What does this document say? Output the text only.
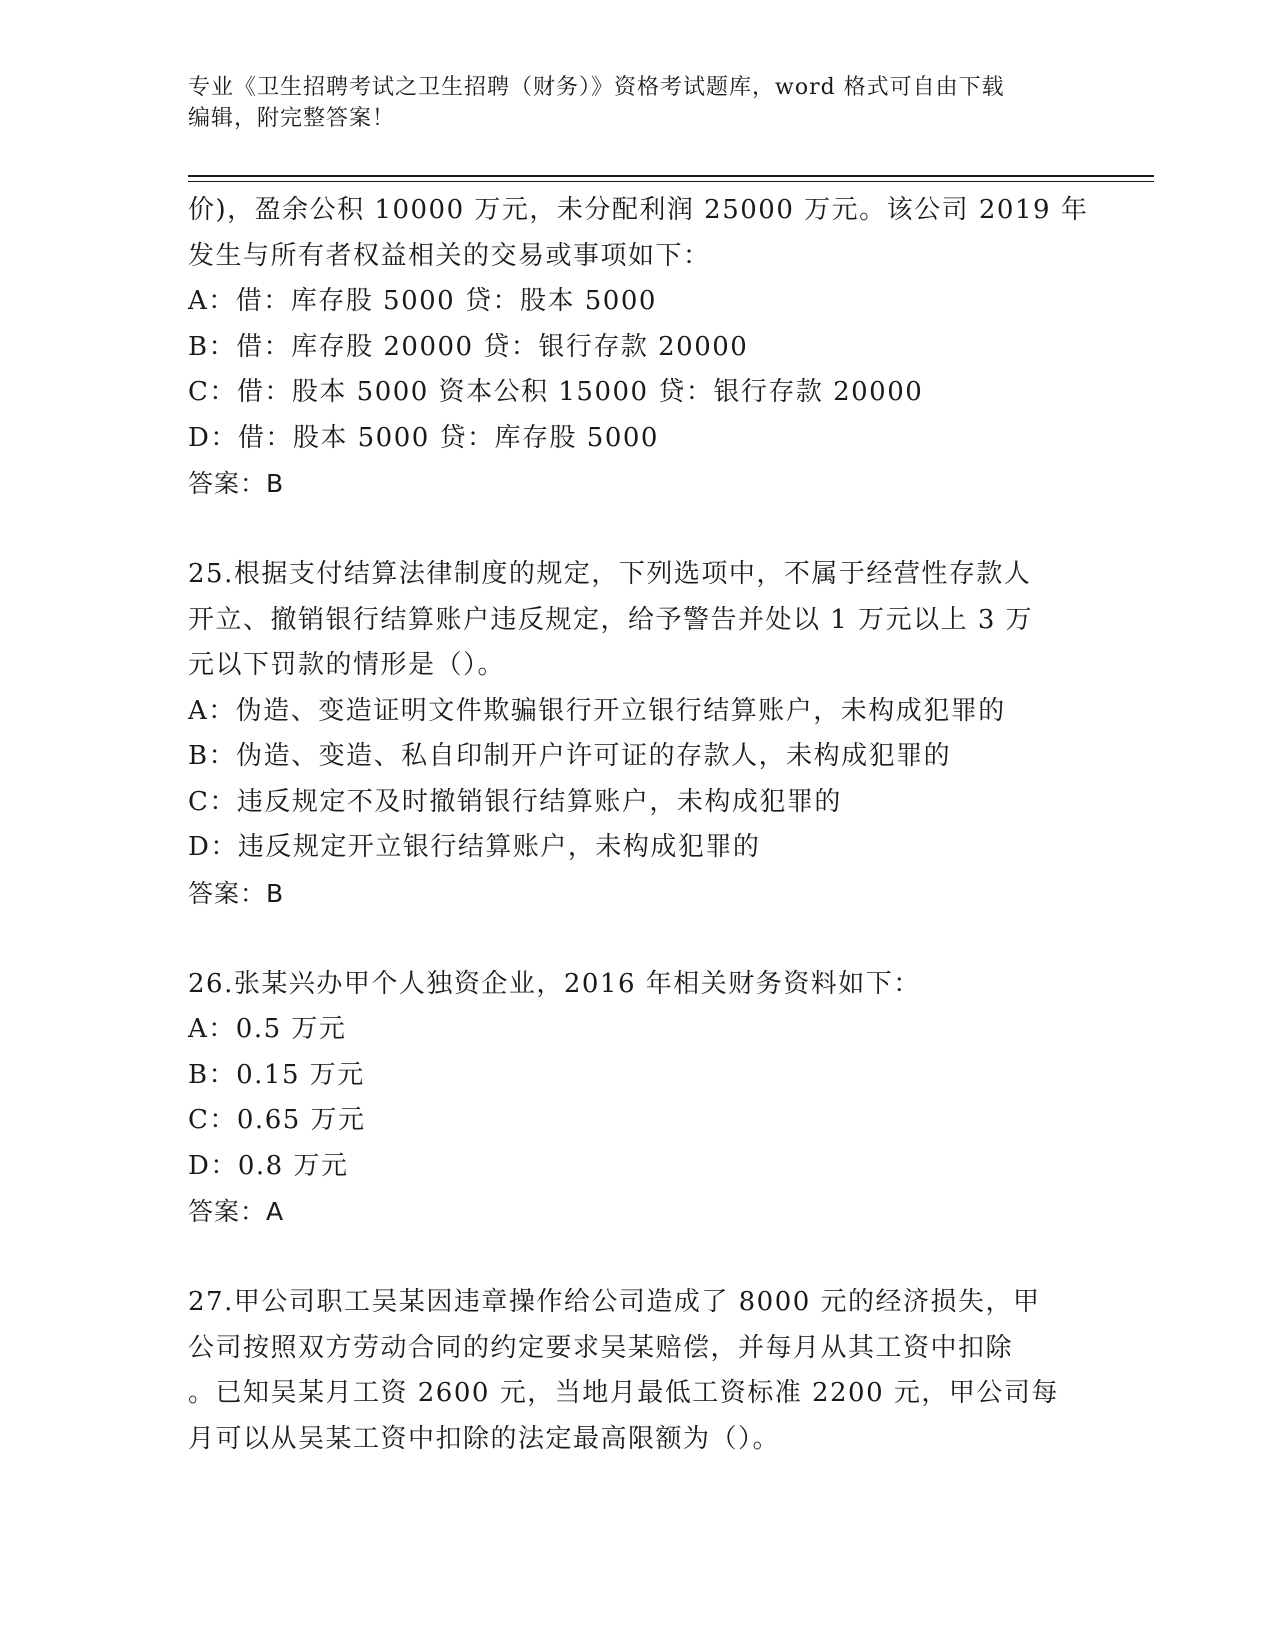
专业《卫生招聘考试之卫生招聘（财务）》资格考试题库，word 格式可自由下载
编辑，附完整答案！
价)，盈余公积 10000 万元，未分配利润 25000 万元。该公司 2019 年
发生与所有者权益相关的交易或事项如下：
A：借：库存股 5000 贷：股本 5000
B：借：库存股 20000 贷：银行存款 20000
C：借：股本 5000 资本公积 15000 贷：银行存款 20000
D：借：股本 5000 贷：库存股 5000
答案：B
25.根据支付结算法律制度的规定，下列选项中，不属于经营性存款人
开立、撤销银行结算账户违反规定，给予警告并处以 1 万元以上 3 万
元以下罚款的情形是（）。
A：伪造、变造证明文件欺骗银行开立银行结算账户，未构成犯罪的
B：伪造、变造、私自印制开户许可证的存款人，未构成犯罪的
C：违反规定不及时撤销银行结算账户，未构成犯罪的
D：违反规定开立银行结算账户，未构成犯罪的
答案：B
26.张某兴办甲个人独资企业，2016 年相关财务资料如下：
A：0.5 万元
B：0.15 万元
C：0.65 万元
D：0.8 万元
答案：A
27.甲公司职工吴某因违章操作给公司造成了 8000 元的经济损失，甲
公司按照双方劳动合同的约定要求吴某赔偿，并每月从其工资中扣除
。已知吴某月工资 2600 元，当地月最低工资标准 2200 元，甲公司每
月可以从吴某工资中扣除的法定最高限额为（）。
